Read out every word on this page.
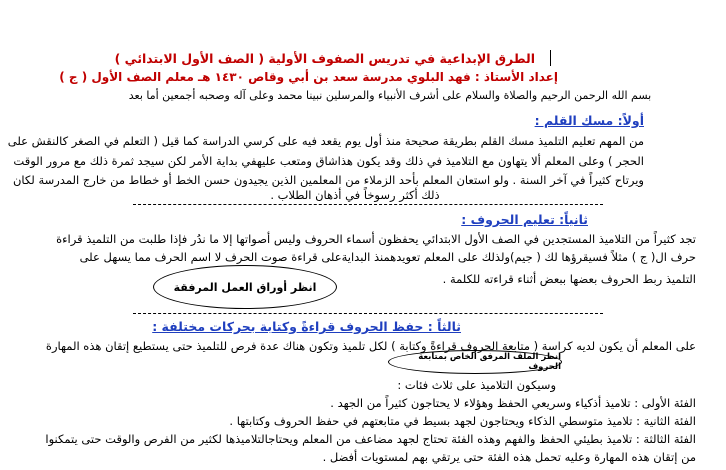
الطرق الإبداعية في تدريس الصفوف الأولية ( الصف الأول الابتدائي )
إعداد الأستاذ : فهد البلوي مدرسة سعد بن أبي وقاص ١٤٣٠ هـ معلم الصف الأول ( ج )
بسم الله الرحمن الرحيم والصلاة والسلام على أشرف الأنبياء والمرسلين نبينا محمد وعلى آله وصحبه أجمعين أما بعد
أولاً: مسك القلم :
من المهم تعليم التلميذ مسك القلم بطريقة صحيحة منذ أول يوم يقعد فيه على كرسي الدراسة كما قيل ( التعلم في الصغر كالنقش على
الحجر ) وعلى المعلم ألا يتهاون مع التلاميذ في ذلك وقد يكون هذاشاق ومتعب عليهفي بداية الأمر لكن سيجد ثمرة ذلك مع مرور الوقت
ويرتاح كثيراً في آخر السنة . ولو استعان المعلم بأحد الزملاء من المعلمين الذين يجيدون حسن الخط أو خطاط من خارج المدرسة لكان
ذلك أكثر رسوخاً في أذهان الطلاب .
ثانياً: تعليم الحروف :
تجد كثيراً من التلاميذ المستجدين في الصف الأول الابتدائي يحفظون أسماء الحروف وليس أصواتها إلا ما ندُر فإذا طلبت من التلميذ قراءة
حرف ال( ج ) مثلاً فسيقرؤها لك ( جيم)ولذلك على المعلم تعويدهمنذ البدايةعلى قراءة صوت الحرف لا اسم الحرف مما يسهل على
التلميذ ربط الحروف بعضها ببعض أثناء قراءته للكلمة .
انظر أوراق العمل المرفقة
ثالثاً : حفظ الحروف قراءةً وكتابة بحركات مختلفة :
على المعلم أن يكون لديه كراسة ( متابعة الحروف قراءةً وكتابة ) لكل تلميذ وتكون هناك عدة فرص للتلميذ حتى يستطيع إتقان هذه المهارة
انظر الملف المرفق الخاص بمتابعة الحروف
وسيكون التلاميذ على ثلاث فئات :
الفئة الأولى : تلاميذ أذكياء وسريعي الحفظ وهؤلاء لا يحتاجون كثيراً من الجهد .
الفئة الثانية : تلاميذ متوسطي الذكاء ويحتاجون لجهد بسيط في متابعتهم في حفظ الحروف وكتابتها .
الفئة الثالثة : تلاميذ بطيئي الحفظ والفهم وهذه الفئة تحتاج لجهد مضاعف من المعلم ويحتاجالتلاميذها لكثير من الفرص والوقت حتى يتمكنوا
من إتقان هذه المهارة وعليه تحمل هذه الفئة حتى يرتقي بهم لمستويات أفضل .
